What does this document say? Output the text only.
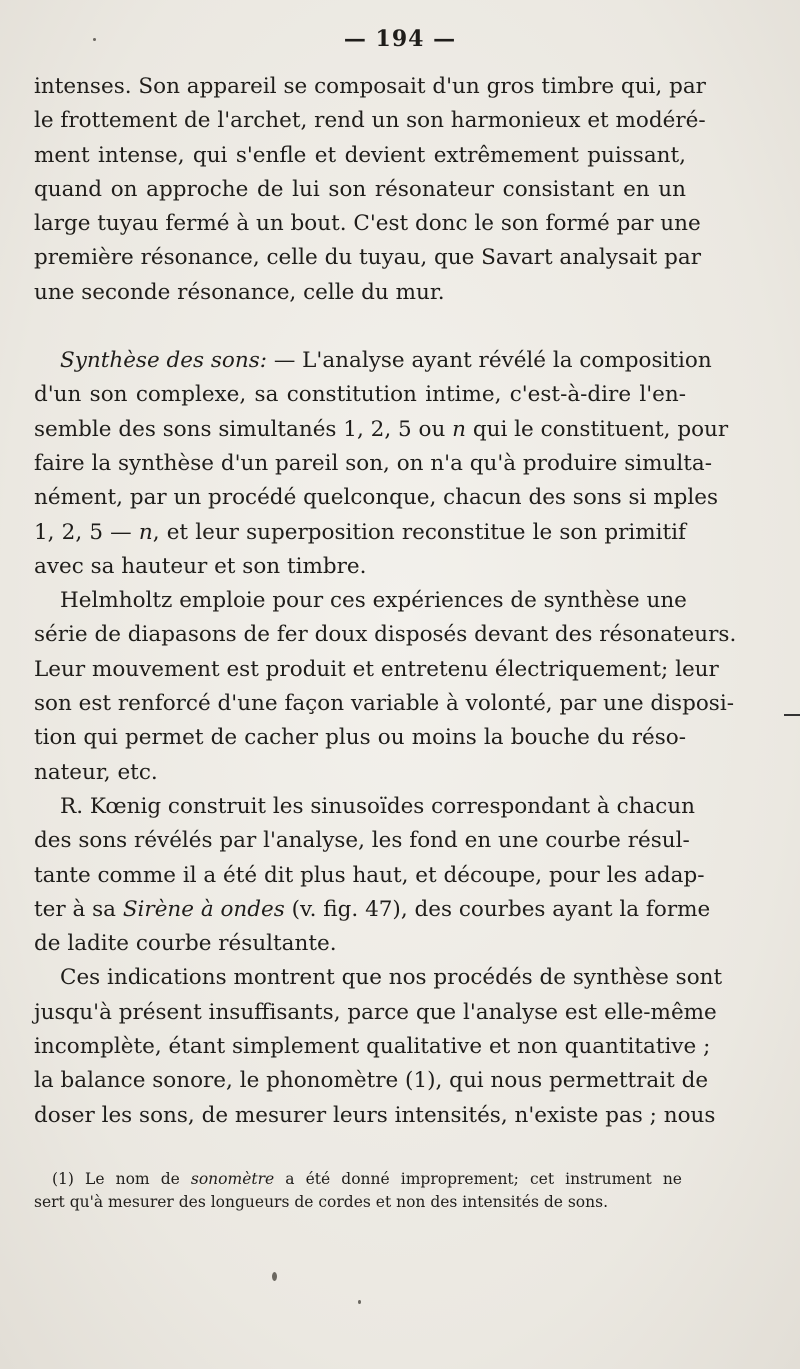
— 194 —
intenses. Son appareil se composait d'un gros timbre qui, par
le frottement de l'archet, rend un son harmonieux et modéré-
ment intense, qui s'enfle et devient extrêmement puissant,
quand on approche de lui son résonateur consistant en un
large tuyau fermé à un bout. C'est donc le son formé par une
première résonance, celle du tuyau, que Savart analysait par
une seconde résonance, celle du mur.
Synthèse des sons: — L'analyse ayant révélé la composition
d'un son complexe, sa constitution intime, c'est-à-dire l'en-
semble des sons simultanés 1, 2, 5 ou n qui le constituent, pour
faire la synthèse d'un pareil son, on n'a qu'à produire simulta-
nément, par un procédé quelconque, chacun des sons si mples
1, 2, 5 — n, et leur superposition reconstitue le son primitif
avec sa hauteur et son timbre.
Helmholtz emploie pour ces expériences de synthèse une
série de diapasons de fer doux disposés devant des résonateurs.
Leur mouvement est produit et entretenu électriquement; leur
son est renforcé d'une façon variable à volonté, par une disposi-
tion qui permet de cacher plus ou moins la bouche du réso-
nateur, etc.
R. Kœnig construit les sinusoïdes correspondant à chacun
des sons révélés par l'analyse, les fond en une courbe résul-
tante comme il a été dit plus haut, et découpe, pour les adap-
ter à sa Sirène à ondes (v. fig. 47), des courbes ayant la forme
de ladite courbe résultante.
Ces indications montrent que nos procédés de synthèse sont
jusqu'à présent insuffisants, parce que l'analyse est elle-même
incomplète, étant simplement qualitative et non quantitative ;
la balance sonore, le phonomètre (1), qui nous permettrait de
doser les sons, de mesurer leurs intensités, n'existe pas ; nous
(1) Le nom de sonomètre a été donné improprement; cet instrument ne
sert qu'à mesurer des longueurs de cordes et non des intensités de sons.
